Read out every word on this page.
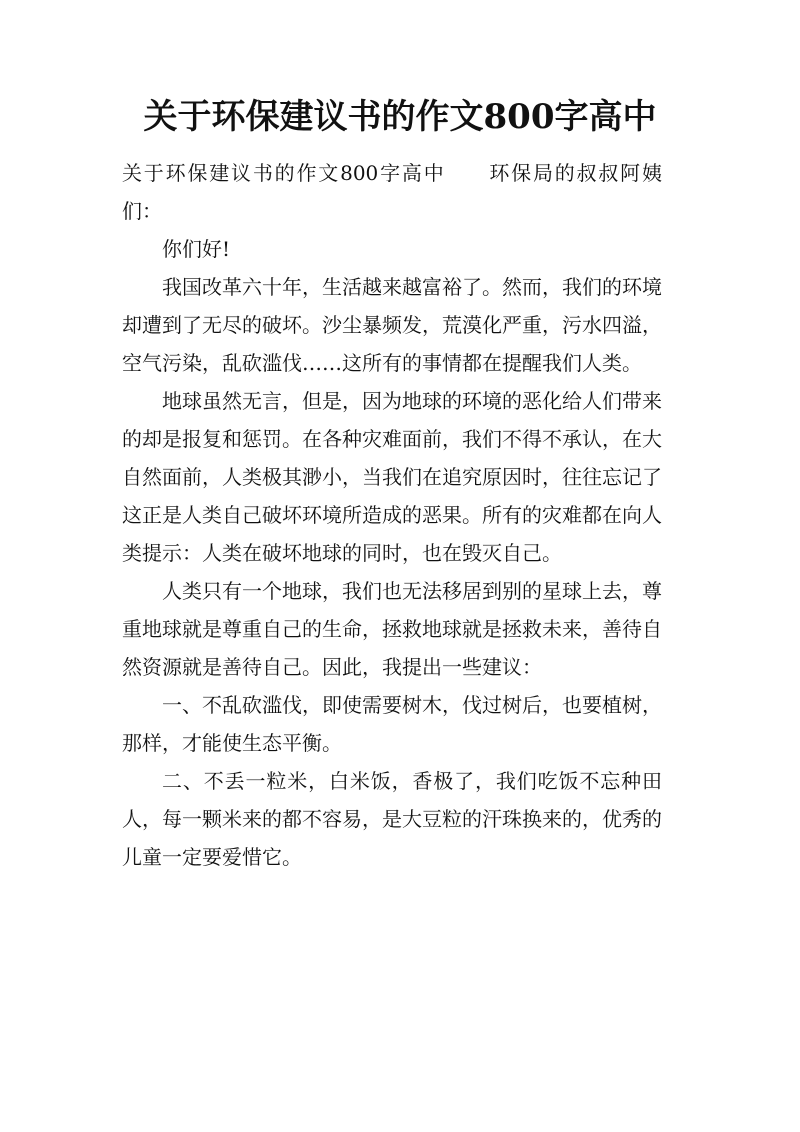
关于环保建议书的作文800字高中

关于环保建议书的作文800字高中 环保局的叔叔阿姨们：

你们好!

我国改革六十年，生活越来越富裕了。然而，我们的环境却遭到了无尽的破坏。沙尘暴频发，荒漠化严重，污水四溢，空气污染，乱砍滥伐……这所有的事情都在提醒我们人类。

地球虽然无言，但是，因为地球的环境的恶化给人们带来的却是报复和惩罚。在各种灾难面前，我们不得不承认，在大自然面前，人类极其渺小，当我们在追究原因时，往往忘记了这正是人类自己破坏环境所造成的恶果。所有的灾难都在向人类提示：人类在破坏地球的同时，也在毁灭自己。

人类只有一个地球，我们也无法移居到别的星球上去，尊重地球就是尊重自己的生命，拯救地球就是拯救未来，善待自然资源就是善待自己。因此，我提出一些建议：

一、不乱砍滥伐，即使需要树木，伐过树后，也要植树，那样，才能使生态平衡。

二、不丢一粒米，白米饭，香极了，我们吃饭不忘种田人，每一颗米来的都不容易，是大豆粒的汗珠换来的，优秀的儿童一定要爱惜它。
